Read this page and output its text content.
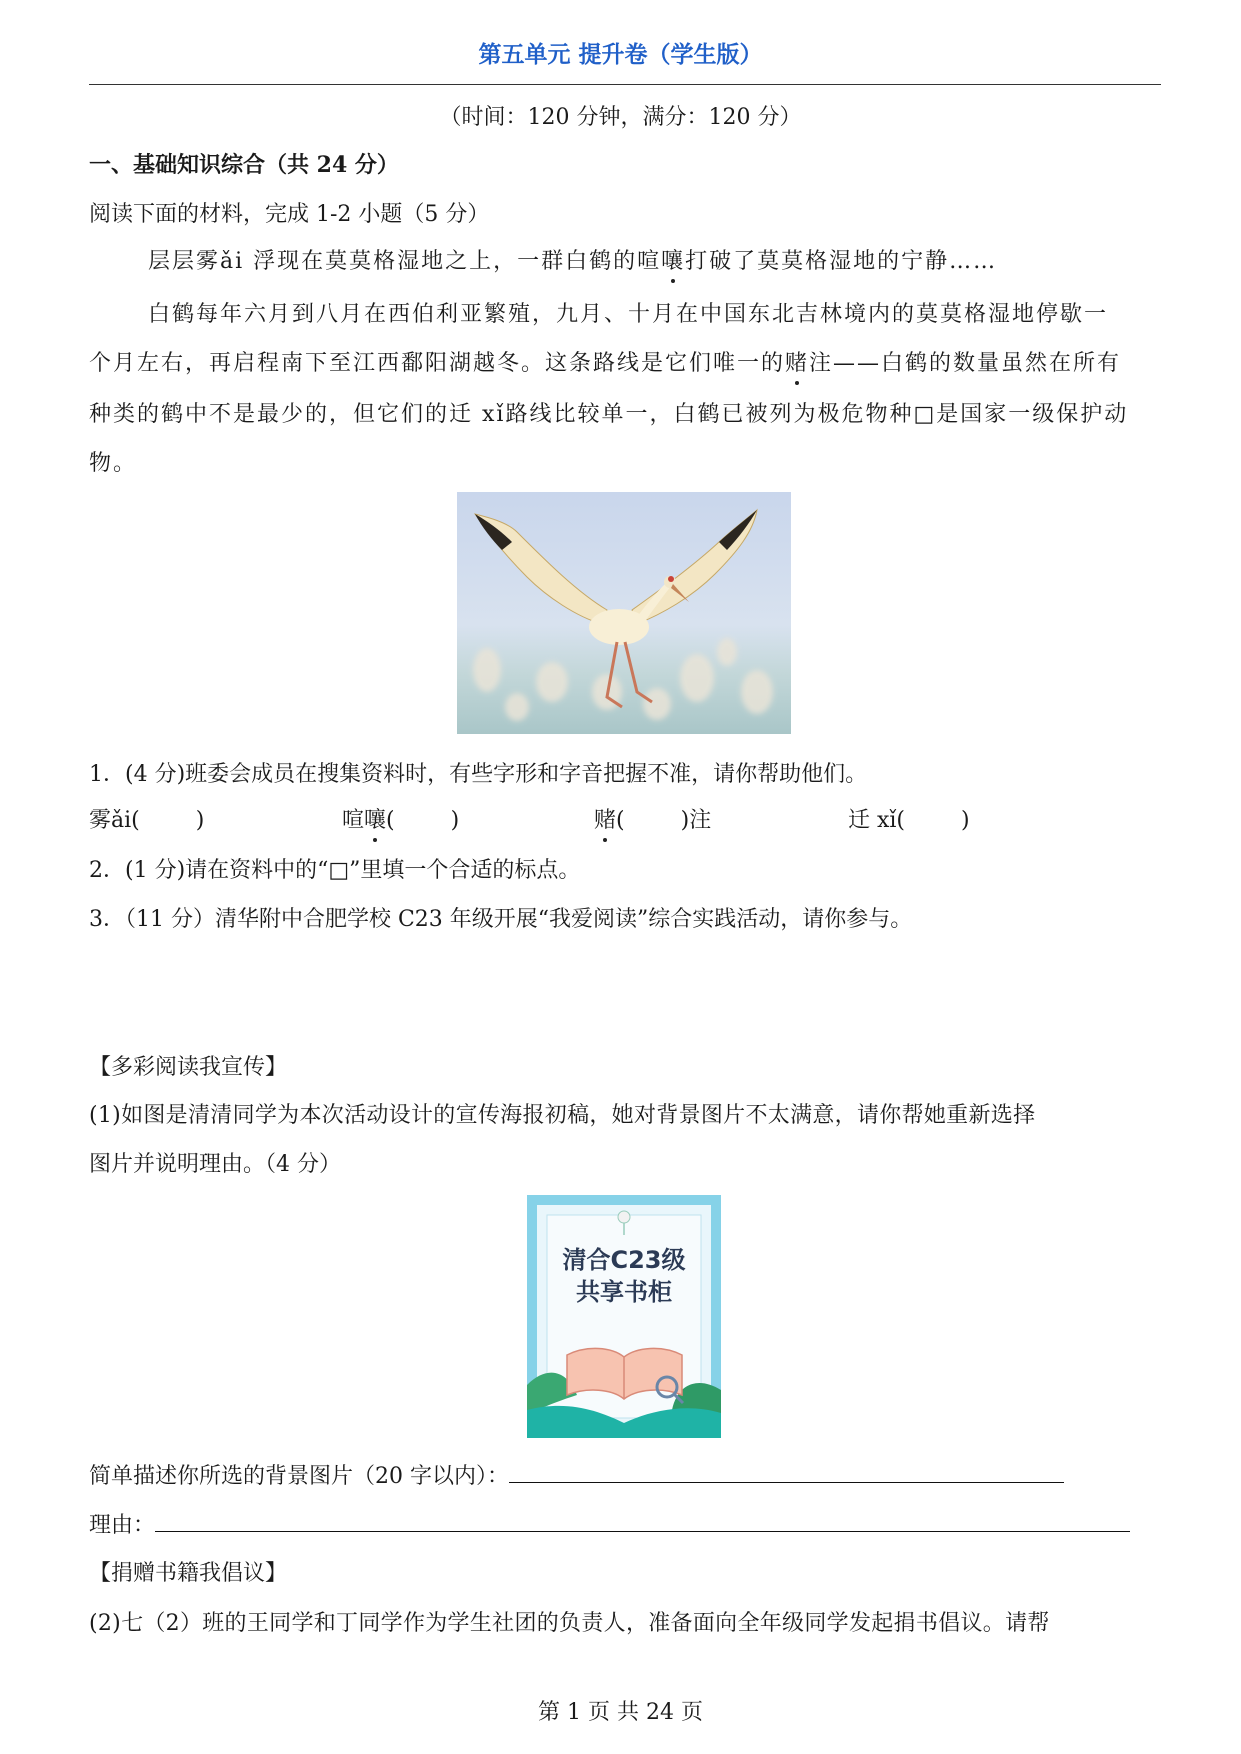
第五单元 提升卷（学生版）
（时间：120 分钟，满分：120 分）
一、基础知识综合（共 24 分）
阅读下面的材料，完成 1-2 小题（5 分）
层层雾ǎi 浮现在莫莫格湿地之上，一群白鹤的喧嚷打破了莫莫格湿地的宁静……
白鹤每年六月到八月在西伯利亚繁殖，九月、十月在中国东北吉林境内的莫莫格湿地停歇一
个月左右，再启程南下至江西鄱阳湖越冬。这条路线是它们唯一的赌注——白鹤的数量虽然在所有
种类的鹤中不是最少的，但它们的迁 xǐ路线比较单一，白鹤已被列为极危物种□是国家一级保护动
物。
1．(4 分)班委会成员在搜集资料时，有些字形和字音把握不准，请你帮助他们。
雾ǎi(	)	喧嚷(	)	赌(	)注	迁 xǐ(	)
2．(1 分)请在资料中的“□”里填一个合适的标点。
3．（11 分）清华附中合肥学校 C23 年级开展“我爱阅读”综合实践活动，请你参与。
【多彩阅读我宣传】
(1)如图是清清同学为本次活动设计的宣传海报初稿，她对背景图片不太满意，请你帮她重新选择
图片并说明理由。（4 分）
清合C23级
共享书柜
简单描述你所选的背景图片（20 字以内）：
理由：
【捐赠书籍我倡议】
(2)七（2）班的王同学和丁同学作为学生社团的负责人，准备面向全年级同学发起捐书倡议。请帮
第 1 页 共 24 页
